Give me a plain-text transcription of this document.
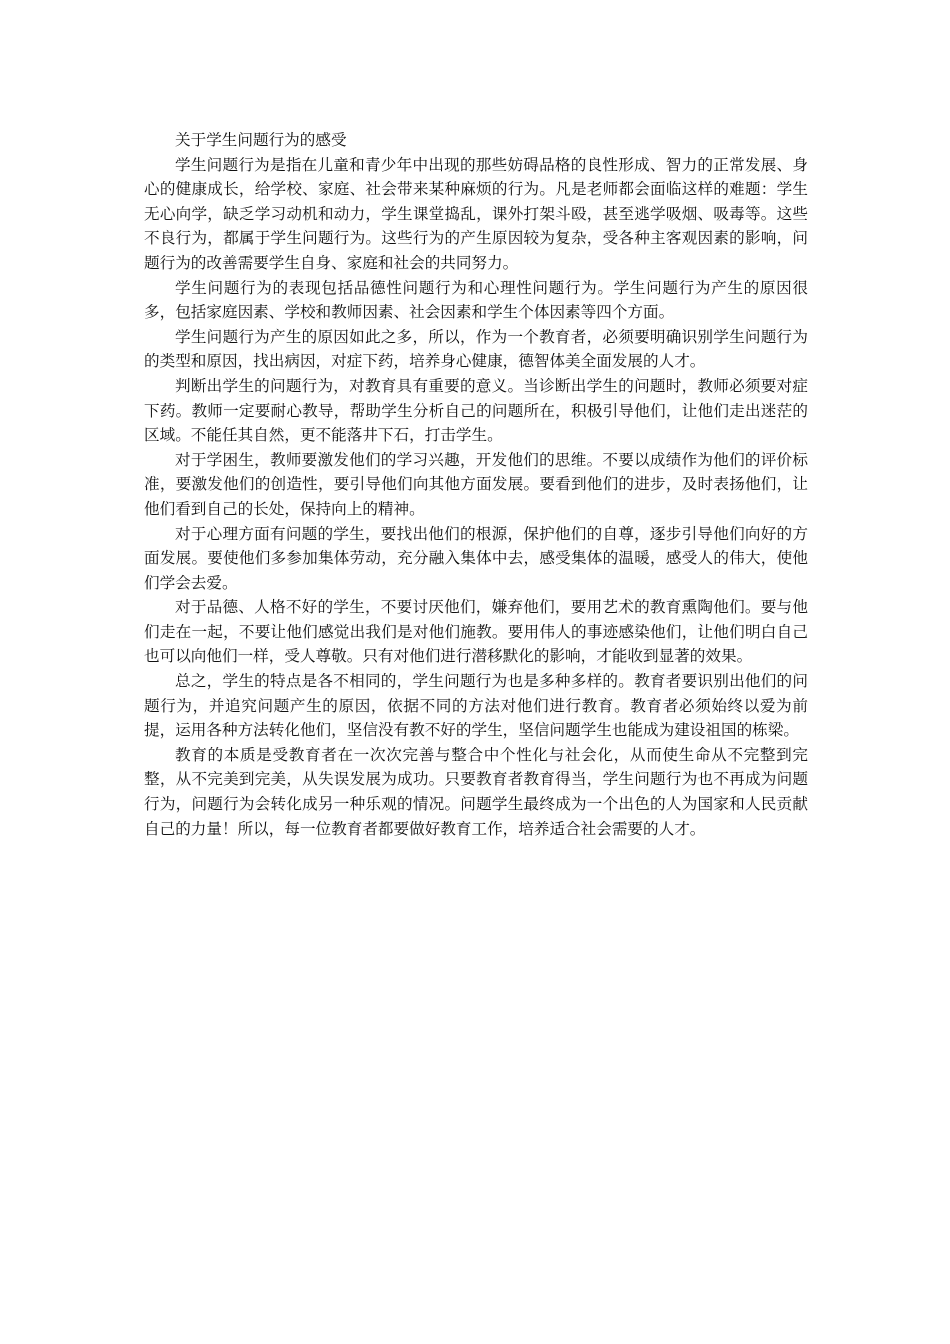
关于学生问题行为的感受

学生问题行为是指在儿童和青少年中出现的那些妨碍品格的良性形成、智力的正常发展、身心的健康成长，给学校、家庭、社会带来某种麻烦的行为。凡是老师都会面临这样的难题：学生无心向学，缺乏学习动机和动力，学生课堂捣乱，课外打架斗殴，甚至逃学吸烟、吸毒等。这些不良行为，都属于学生问题行为。这些行为的产生原因较为复杂，受各种主客观因素的影响，问题行为的改善需要学生自身、家庭和社会的共同努力。

学生问题行为的表现包括品德性问题行为和心理性问题行为。学生问题行为产生的原因很多，包括家庭因素、学校和教师因素、社会因素和学生个体因素等四个方面。

学生问题行为产生的原因如此之多，所以，作为一个教育者，必须要明确识别学生问题行为的类型和原因，找出病因，对症下药，培养身心健康，德智体美全面发展的人才。

判断出学生的问题行为，对教育具有重要的意义。当诊断出学生的问题时，教师必须要对症下药。教师一定要耐心教导，帮助学生分析自己的问题所在，积极引导他们，让他们走出迷茫的区域。不能任其自然，更不能落井下石，打击学生。

对于学困生，教师要激发他们的学习兴趣，开发他们的思维。不要以成绩作为他们的评价标准，要激发他们的创造性，要引导他们向其他方面发展。要看到他们的进步，及时表扬他们，让他们看到自己的长处，保持向上的精神。

对于心理方面有问题的学生，要找出他们的根源，保护他们的自尊，逐步引导他们向好的方面发展。要使他们多参加集体劳动，充分融入集体中去，感受集体的温暖，感受人的伟大，使他们学会去爱。

对于品德、人格不好的学生，不要讨厌他们，嫌弃他们，要用艺术的教育熏陶他们。要与他们走在一起，不要让他们感觉出我们是对他们施教。要用伟人的事迹感染他们，让他们明白自己也可以向他们一样，受人尊敬。只有对他们进行潜移默化的影响，才能收到显著的效果。

总之，学生的特点是各不相同的，学生问题行为也是多种多样的。教育者要识别出他们的问题行为，并追究问题产生的原因，依据不同的方法对他们进行教育。教育者必须始终以爱为前提，运用各种方法转化他们，坚信没有教不好的学生，坚信问题学生也能成为建设祖国的栋梁。

教育的本质是受教育者在一次次完善与整合中个性化与社会化，从而使生命从不完整到完整，从不完美到完美，从失误发展为成功。只要教育者教育得当，学生问题行为也不再成为问题行为，问题行为会转化成另一种乐观的情况。问题学生最终成为一个出色的人为国家和人民贡献自己的力量！所以，每一位教育者都要做好教育工作，培养适合社会需要的人才。
